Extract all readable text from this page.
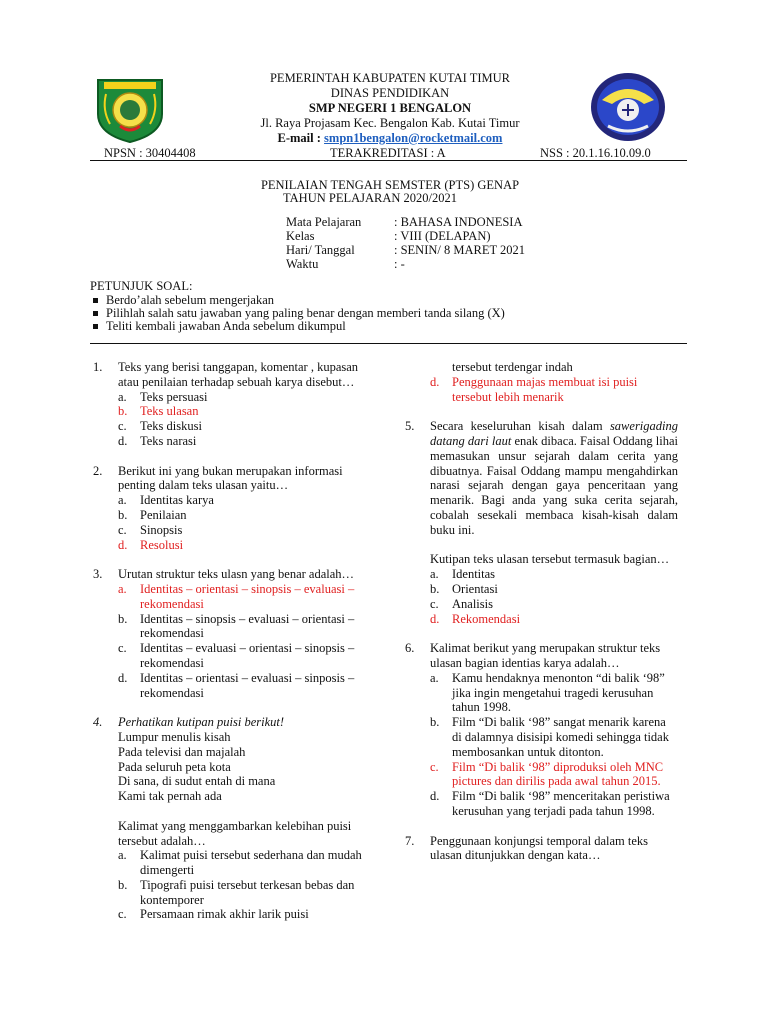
PEMERINTAH KABUPATEN KUTAI TIMUR
DINAS PENDIDIKAN
SMP NEGERI 1 BENGALON
Jl. Raya Projasam Kec. Bengalon Kab. Kutai Timur
E-mail : smpn1bengalon@rocketmail.com
NPSN : 30404408	TERAKREDITASI : A	NSS : 20.1.16.10.09.0
PENILAIAN TENGAH SEMSTER (PTS) GENAP
TAHUN PELAJARAN 2020/2021
Mata Pelajaran	: BAHASA INDONESIA
Kelas	: VIII (DELAPAN)
Hari/ Tanggal	: SENIN/ 8 MARET 2021
Waktu	: -
PETUNJUK SOAL:
Berdo’alah sebelum mengerjakan
Pilihlah salah satu jawaban yang paling benar dengan memberi tanda silang (X)
Teliti kembali jawaban Anda sebelum dikumpul
1. Teks yang berisi tanggapan, komentar , kupasan atau penilaian terhadap sebuah karya disebut…
a. Teks persuasi
b. Teks ulasan
c. Teks diskusi
d. Teks narasi
2. Berikut ini yang bukan merupakan informasi penting dalam teks ulasan yaitu…
a. Identitas karya
b. Penilaian
c. Sinopsis
d. Resolusi
3. Urutan struktur teks ulasn yang benar adalah…
a. Identitas – orientasi – sinopsis – evaluasi – rekomendasi
b. Identitas – sinopsis – evaluasi – orientasi – rekomendasi
c. Identitas – evaluasi – orientasi – sinopsis – rekomendasi
d. Identitas – orientasi – evaluasi – sinposis – rekomendasi
4. Perhatikan kutipan puisi berikut!
Lumpur menulis kisah
Pada televisi dan majalah
Pada seluruh peta kota
Di sana, di sudut entah di mana
Kami tak pernah ada
Kalimat yang menggambarkan kelebihan puisi tersebut adalah…
a. Kalimat puisi tersebut sederhana dan mudah dimengerti
b. Tipografi puisi tersebut terkesan bebas dan kontemporer
c. Persamaan rimak akhir larik puisi
tersebut terdengar indah
d. Penggunaan majas membuat isi puisi tersebut lebih menarik
5. Secara keseluruhan kisah dalam sawerigading datang dari laut enak dibaca. Faisal Oddang lihai memasukan unsur sejarah dalam cerita yang dibuatnya. Faisal Oddang mampu mengahdirkan narasi sejarah dengan gaya penceritaan yang menarik. Bagi anda yang suka cerita sejarah, cobalah sesekali membaca kisah-kisah dalam buku ini.
Kutipan teks ulasan tersebut termasuk bagian…
a. Identitas
b. Orientasi
c. Analisis
d. Rekomendasi
6. Kalimat berikut yang merupakan struktur teks ulasan bagian identias karya adalah…
a. Kamu hendaknya menonton “di balik ‘98” jika ingin mengetahui tragedi kerusuhan tahun 1998.
b. Film “Di balik ‘98” sangat menarik karena di dalamnya disisipi komedi sehingga tidak membosankan untuk ditonton.
c. Film “Di balik ‘98” diproduksi oleh MNC pictures dan dirilis pada awal tahun 2015.
d. Film “Di balik ‘98” menceritakan peristiwa kerusuhan yang terjadi pada tahun 1998.
7. Penggunaan konjungsi temporal dalam teks ulasan ditunjukkan dengan kata…
